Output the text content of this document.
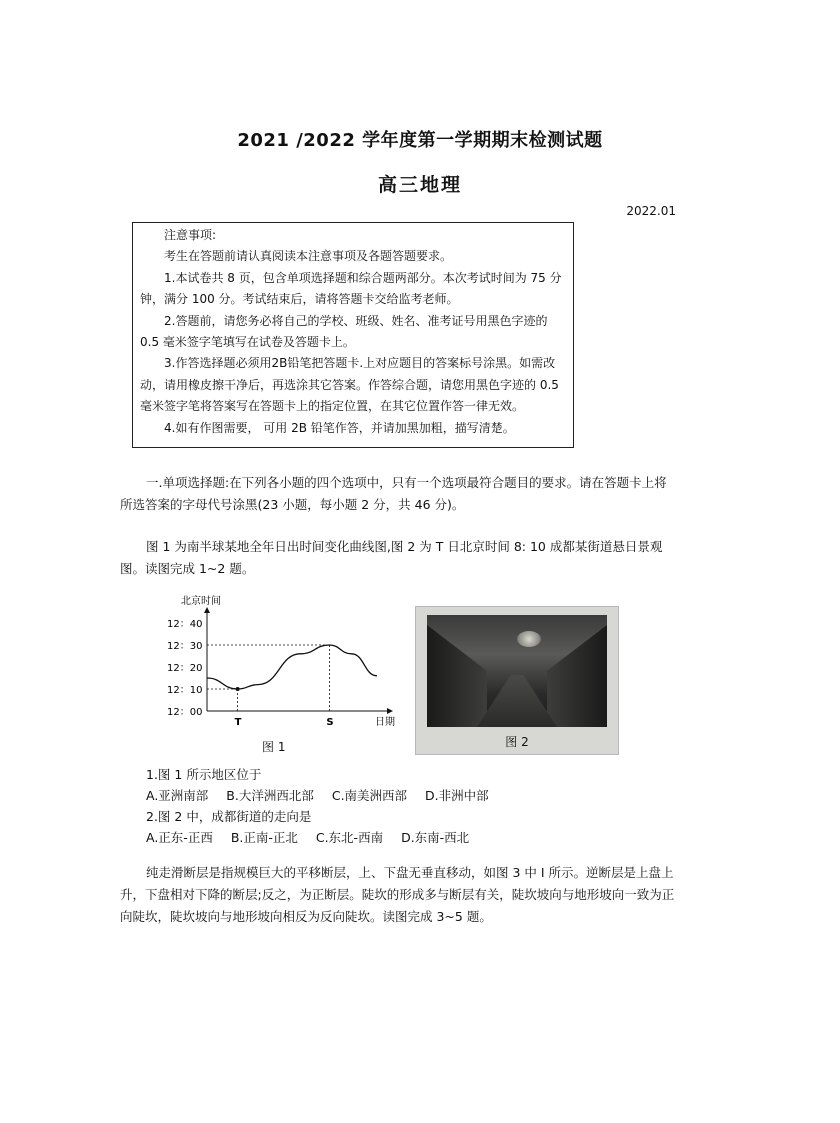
2021 /2022 学年度第一学期期末检测试题
高三地理
2022.01

注意事项:

考生在答题前请认真阅读本注意事项及各题答题要求。

1.本试卷共 8 页，包含单项选择题和综合题两部分。本次考试时间为 75 分钟，满分 100 分。考试结束后，请将答题卡交给监考老师。

2.答题前，请您务必将自己的学校、班级、姓名、准考证号用黑色字迹的 0.5 毫米签字笔填写在试卷及答题卡上。

3.作答选择题必须用2B铅笔把答题卡.上对应题目的答案标号涂黑。如需改动，请用橡皮擦干净后，再选涂其它答案。作答综合题，请您用黑色字迹的 0.5 毫米签字笔将答案写在答题卡上的指定位置，在其它位置作答一律无效。

4.如有作图需要， 可用 2B 铅笔作答，并请加黑加粗，描写清楚。

一.单项选择题:在下列各小题的四个选项中，只有一个选项最符合题目的要求。请在答题卡上将所选答案的字母代号涂黑(23 小题，每小题 2 分，共 46 分)。
图 1 为南半球某地全年日出时间变化曲线图,图 2 为 T 日北京时间 8: 10 成都某街道悬日景观图。读图完成 1~2 题。
北京时间
日期
12：00
12：10
12：20
12：30
12：40
T	S
图 1	图 2
1.图 1 所示地区位于
A.亚洲南部 B.大洋洲西北部 C.南美洲西部 D.非洲中部
2.图 2 中，成都街道的走向是
A.正东-正西 B.正南-正北 C.东北-西南 D.东南-西北
纯走滑断层是指规模巨大的平移断层，上、下盘无垂直移动，如图 3 中 I 所示。逆断层是上盘上升，下盘相对下降的断层;反之，为正断层。陡坎的形成多与断层有关，陡坎坡向与地形坡向一致为正向陡坎，陡坎坡向与地形坡向相反为反向陡坎。读图完成 3~5 题。
